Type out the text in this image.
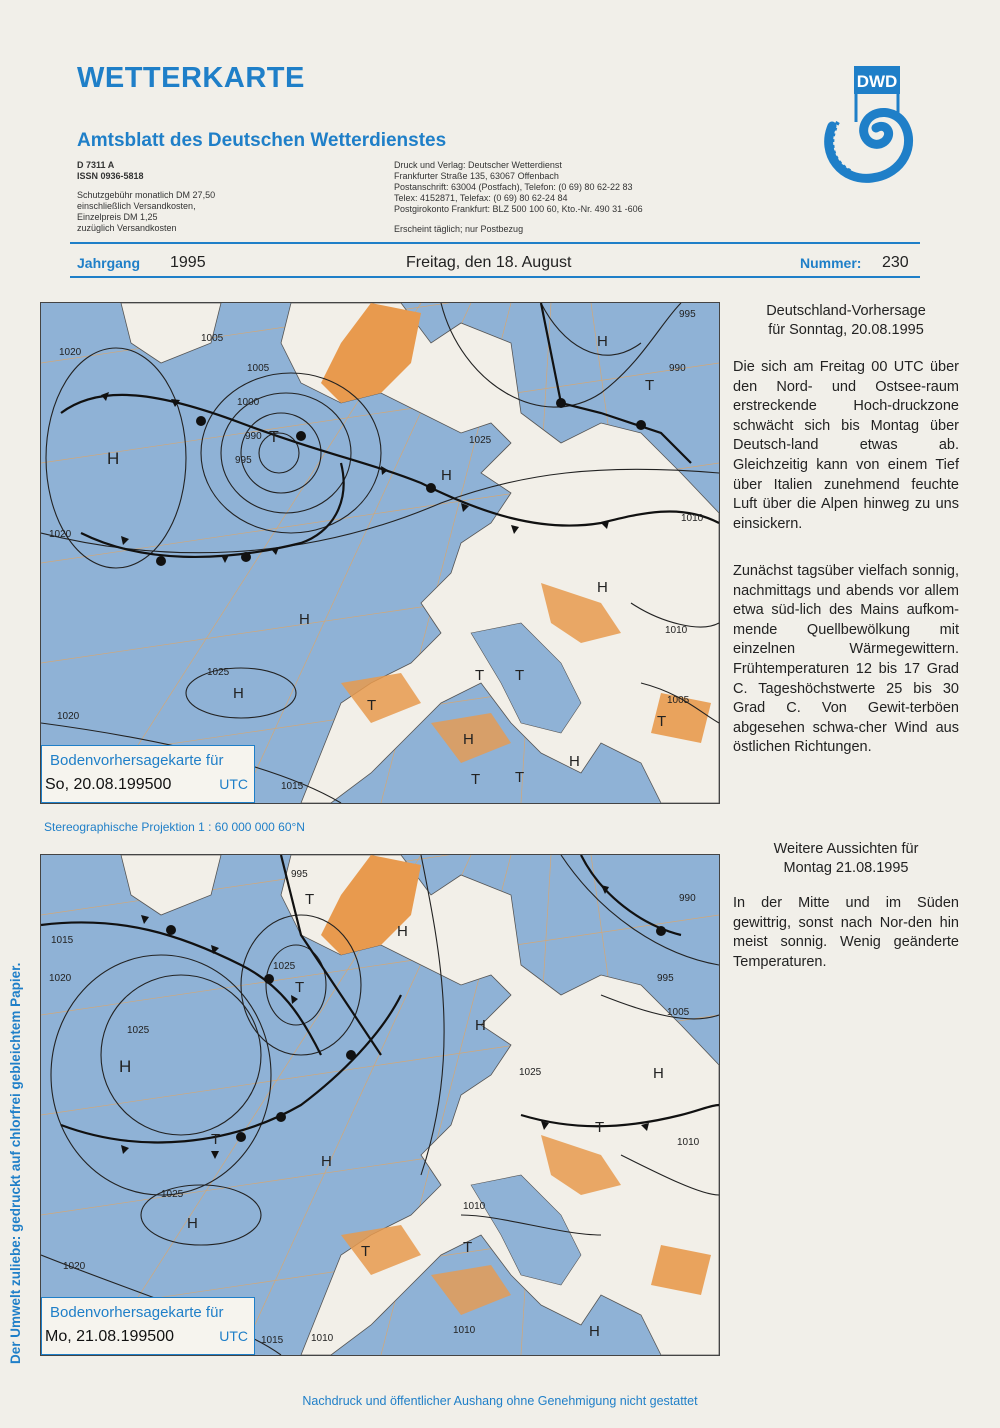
WETTERKARTE
Amtsblatt des Deutschen Wetterdienstes
D 7311 A
ISSN 0936-5818
Schutzgebühr monatlich DM 27,50
einschließlich Versandkosten,
Einzelpreis DM 1,25
zuzüglich Versandkosten
Druck und Verlag: Deutscher Wetterdienst
Frankfurter Straße 135, 63067 Offenbach
Postanschrift: 63004 (Postfach), Telefon: (0 69) 80 62-22 83
Telex: 4152871, Telefax: (0 69) 80 62-24 84
Postgirokonto Frankfurt: BLZ 500 100 60, Kto.-Nr. 490 31 -606
Erscheint täglich; nur Postbezug
DWD
Jahrgang 1995	Freitag, den 18. August	Nummer: 230
H
T
H
H
H
H
H
H
H
T T
T
T
T T
T
1020
1005
1005
1000
990
995
1025
1020
1025
1010
1010
1005
995
990
1015
1020
Bodenvorhersagekarte für
So, 20.08.199500	UTC
Stereographische Projektion 1 : 60 000 000 60°N
H
H
H
H
H
H
H
T
T
T	T
T
T
1015
1020
1025
995
1025
1025
1020
995
990
1005
1010
1010
1015	1010
1025
1010
Bodenvorhersagekarte für
Mo, 21.08.199500	UTC

Deutschland-Vorhersage
für Sonntag, 20.08.1995

Die sich am Freitag 00 UTC über den Nord- und Ostsee-raum erstreckende Hoch-druckzone schwächt sich bis Montag über Deutsch-land etwas ab. Gleichzeitig kann von einem Tief über Italien zunehmend feuchte Luft über die Alpen hinweg zu uns einsickern.

Zunächst tagsüber vielfach sonnig, nachmittags und abends vor allem etwa süd-lich des Mains aufkom-mende Quellbewölkung mit einzelnen Wärmegewittern. Frühtemperaturen 12 bis 17 Grad C. Tageshöchstwerte 25 bis 30 Grad C. Von Gewit-terböen abgesehen schwa-cher Wind aus östlichen Richtungen.

Weitere Aussichten für
Montag 21.08.1995

In der Mitte und im Süden gewittrig, sonst nach Nor-den hin meist sonnig. Wenig geänderte Temperaturen.

Der Umwelt zuliebe: gedruckt auf chlorfrei gebleichtem Papier.
Nachdruck und öffentlicher Aushang ohne Genehmigung nicht gestattet
